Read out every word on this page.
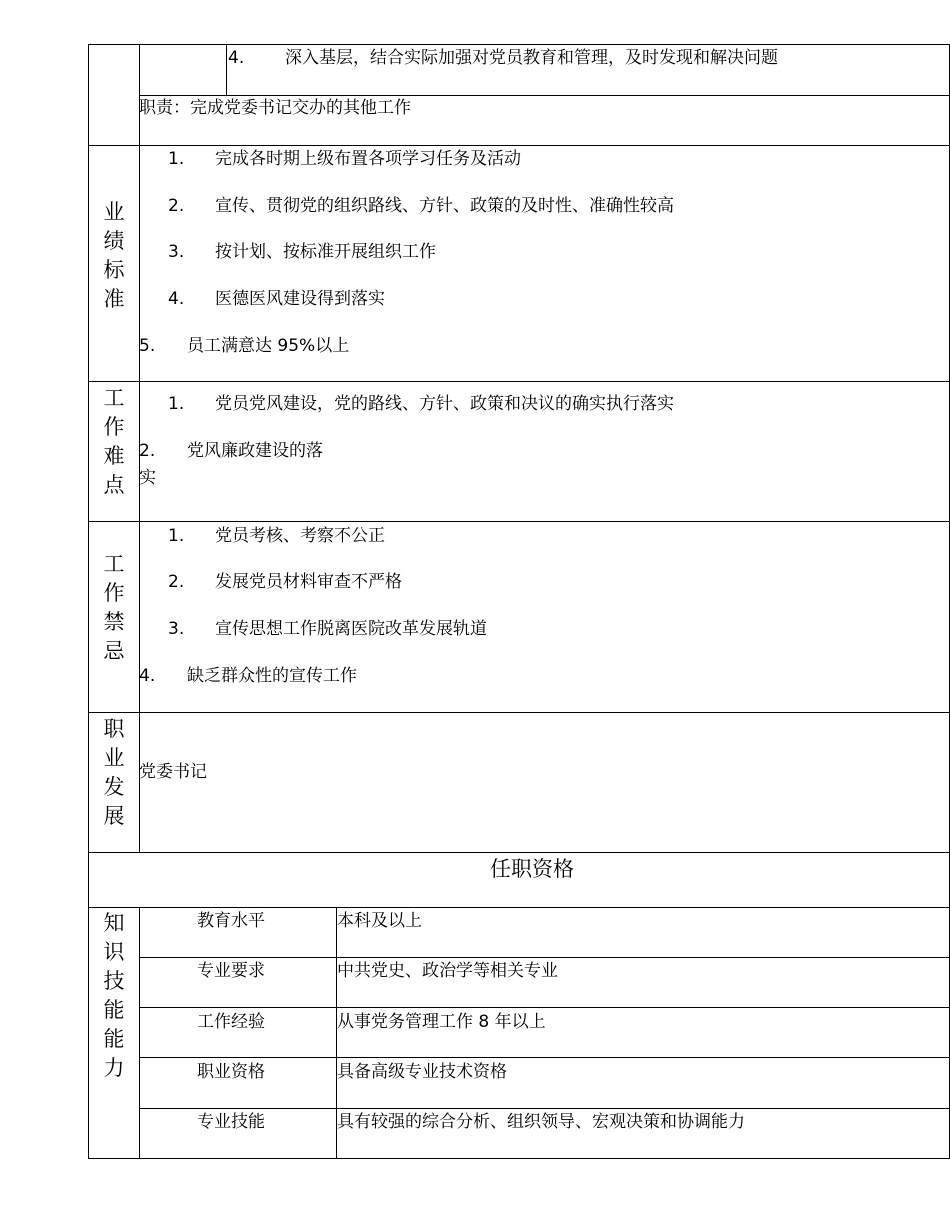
4. 深入基层，结合实际加强对党员教育和管理，及时发现和解决问题
职责：完成党委书记交办的其他工作
业
绩
标
准
1. 完成各时期上级布置各项学习任务及活动
2. 宣传、贯彻党的组织路线、方针、政策的及时性、准确性较高
3. 按计划、按标准开展组织工作
4. 医德医风建设得到落实
5. 员工满意达 95%以上
工
作
难
点
1. 党员党风建设，党的路线、方针、政策和决议的确实执行落实
2. 党风廉政建设的落
实
工
作
禁
忌
1. 党员考核、考察不公正
2. 发展党员材料审查不严格
3. 宣传思想工作脱离医院改革发展轨道
4. 缺乏群众性的宣传工作
职
业
发
展
党委书记
任职资格
知
识
技
能
能
力
教育水平	本科及以上
专业要求	中共党史、政治学等相关专业
工作经验	从事党务管理工作 8 年以上
职业资格	具备高级专业技术资格
专业技能	具有较强的综合分析、组织领导、宏观决策和协调能力
